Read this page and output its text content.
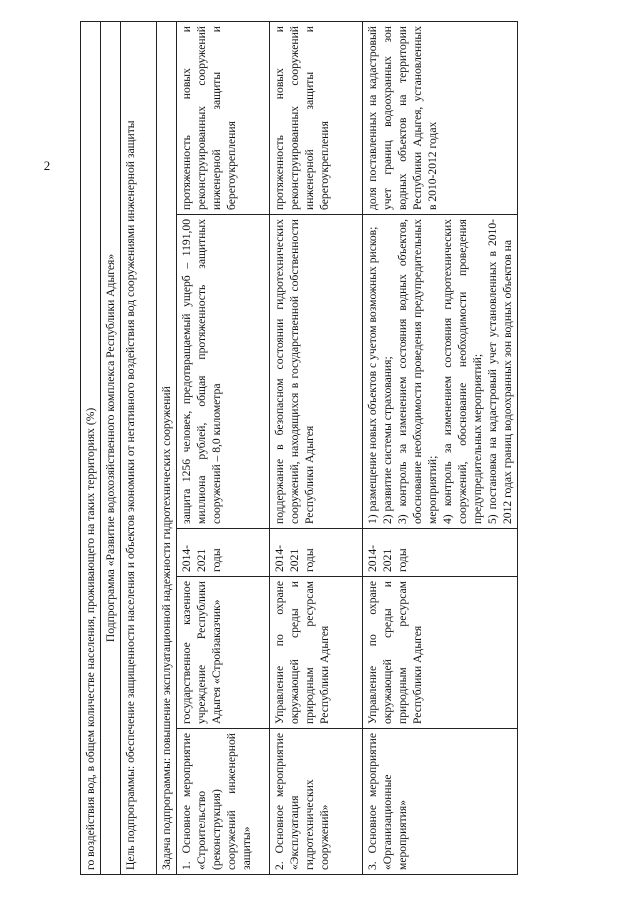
2
го воздействия вод, в общем количестве населения, проживающего на таких территориях (%)				
Подпрограмма «Развитие водохозяйственного комплекса Республики Адыгея»				
Цель подпрограммы: обеспечение защищенности населения и объектов экономики от негативного воздействия вод сооружениями инженерной защиты				
Задача подпрограммы: повышение эксплуатационной надежности гидротехнических сооружений				
1. Основное мероприятие «Строительство (реконструкция) сооружений инженерной защиты»	государственное казенное учреждение Республики Адыгея «Стройзаказчик»	2014-2021 годы	защита 1256 человек, предотвращаемый ущерб – 1191,00 миллиона рублей, общая протяженность защитных сооружений – 8,0 километра	протяженность новых и реконструированных сооружений инженерной защиты и берегоукрепления
2. Основное мероприятие «Эксплуатация гидротехнических сооружений»	Управление по охране окружающей среды и природным ресурсам Республики Адыгея	2014-2021 годы	поддержание в безопасном состоянии гидротехнических сооружений, находящихся в государственной собственности Республики Адыгея	протяженность новых и реконструированных сооружений инженерной защиты и берегоукрепления
3. Основное мероприятие «Организационные мероприятия»	Управление по охране окружающей среды и природным ресурсам Республики Адыгея	2014-2021 годы	1) размещение новых объектов с учетом возможных рисков; 2) развитие системы страхования; 3) контроль за изменением состояния водных объектов, обоснование необходимости проведения предупредительных мероприятий; 4) контроль за изменением состояния гидротехнических сооружений, обоснование необходимости проведения предупредительных мероприятий; 5) постановка на кадастровый учет установленных в 2010-2012 годах границ водоохранных зон водных объектов на	доля поставленных на кадастровый учет границ водоохранных зон водных объектов на территории Республики Адыгея, установленных в 2010-2012 годах
